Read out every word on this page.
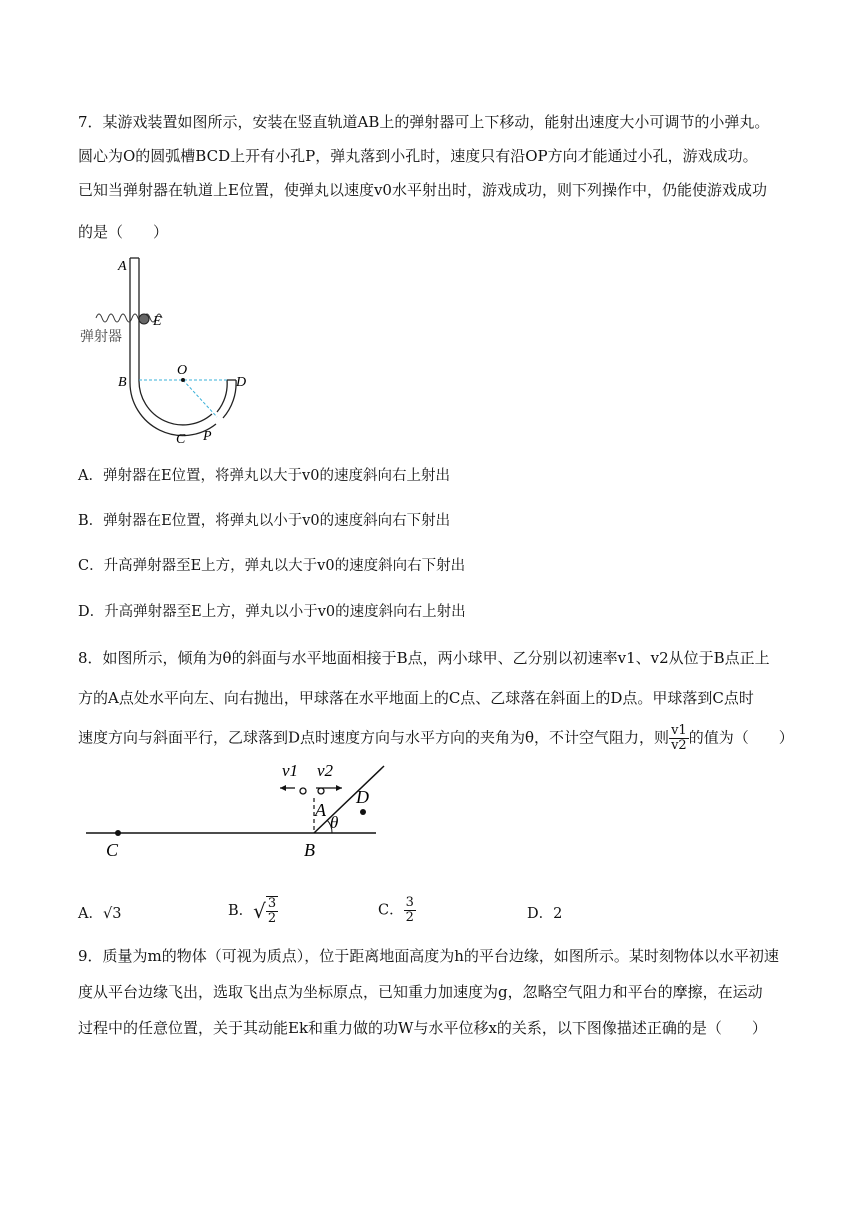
7．某游戏装置如图所示，安装在竖直轨道AB上的弹射器可上下移动，能射出速度大小可调节的小弹丸。
圆心为O的圆弧槽BCD上开有小孔P，弹丸落到小孔时，速度只有沿OP方向才能通过小孔，游戏成功。
已知当弹射器在轨道上E位置，使弹丸以速度v0水平射出时，游戏成功，则下列操作中，仍能使游戏成功
的是（　　）
A
E
弹射器
B
O
D
C P
A．弹射器在E位置，将弹丸以大于v0的速度斜向右上射出
B．弹射器在E位置，将弹丸以小于v0的速度斜向右下射出
C．升高弹射器至E上方，弹丸以大于v0的速度斜向右下射出
D．升高弹射器至E上方，弹丸以小于v0的速度斜向右上射出
8．如图所示，倾角为θ的斜面与水平地面相接于B点，两小球甲、乙分别以初速率v1、v2从位于B点正上
方的A点处水平向左、向右抛出，甲球落在水平地面上的C点、乙球落在斜面上的D点。甲球落到C点时
速度方向与斜面平行，乙球落到D点时速度方向与水平方向的夹角为θ，不计空气阻力，则 $\frac{v1}{v2}$ 的值为（　　）
v1 v2
A
D
θ
C	B
A．√3	B．√ $\frac{3}{2}$	C． $\frac{3}{2}$	D．2
9．质量为m的物体（可视为质点），位于距离地面高度为h的平台边缘，如图所示。某时刻物体以水平初速
度从平台边缘飞出，选取飞出点为坐标原点，已知重力加速度为g，忽略空气阻力和平台的摩擦，在运动
过程中的任意位置，关于其动能Ek和重力做的功W与水平位移x的关系，以下图像描述正确的是（　　）
